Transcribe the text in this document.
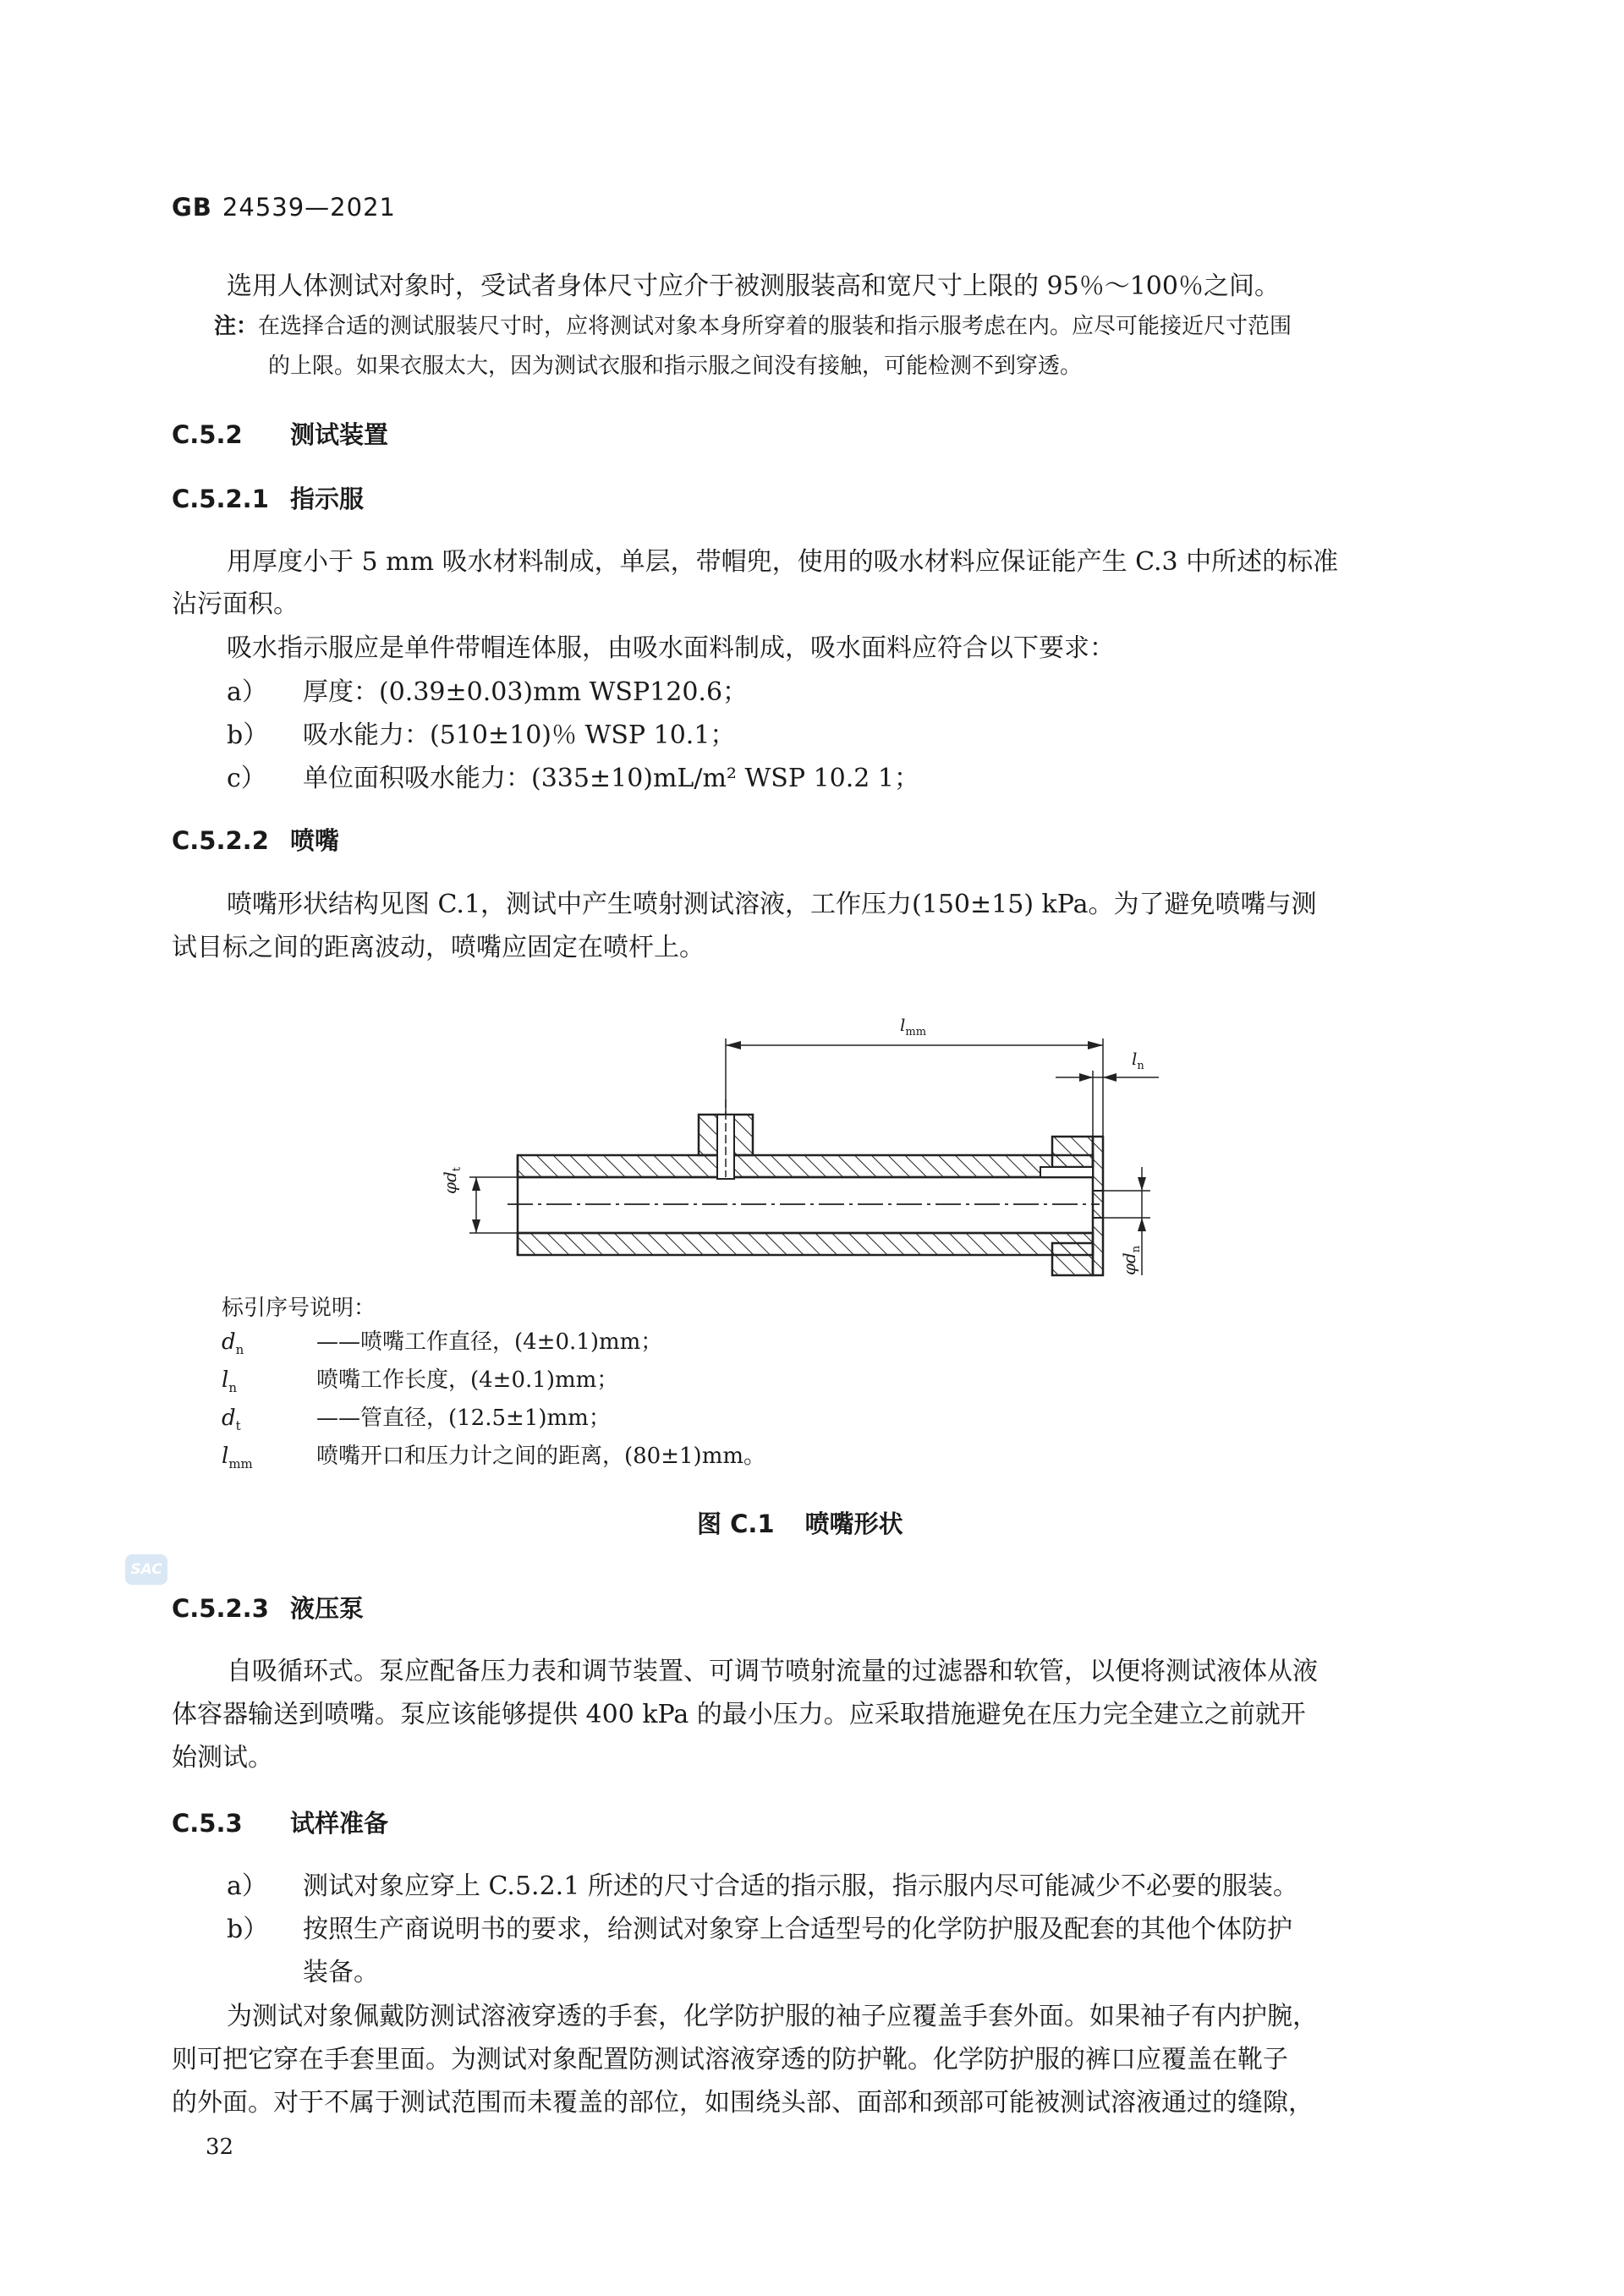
GB 24539—2021
选用人体测试对象时，受试者身体尺寸应介于被测服装高和宽尺寸上限的 95％～100％之间。
注：在选择合适的测试服装尺寸时，应将测试对象本身所穿着的服装和指示服考虑在内。应尽可能接近尺寸范围
的上限。如果衣服太大，因为测试衣服和指示服之间没有接触，可能检测不到穿透。
C.5.2 测试装置
C.5.2.1 指示服
用厚度小于 5 mm 吸水材料制成，单层，带帽兜，使用的吸水材料应保证能产生 C.3 中所述的标准
沾污面积。
吸水指示服应是单件带帽连体服，由吸水面料制成，吸水面料应符合以下要求：
a） 厚度：(0.39±0.03)mm WSP120.6；
b） 吸水能力：(510±10)％ WSP 10.1；
c） 单位面积吸水能力：(335±10)mL/m² WSP 10.2 1；
C.5.2.2 喷嘴
喷嘴形状结构见图 C.1，测试中产生喷射测试溶液，工作压力(150±15) kPa。为了避免喷嘴与测
试目标之间的距离波动，喷嘴应固定在喷杆上。
$l_{mm}$
$l_n$
$\varphi d_t$
$\varphi d_n$
标引序号说明：
$d_n$	——喷嘴工作直径，(4±0.1)mm；
$l_n$	喷嘴工作长度，(4±0.1)mm；
$d_t$	——管直径，(12.5±1)mm；
$l_{mm}$	喷嘴开口和压力计之间的距离，(80±1)mm。
图 C.1 喷嘴形状
SAC
C.5.2.3 液压泵
自吸循环式。泵应配备压力表和调节装置、可调节喷射流量的过滤器和软管，以便将测试液体从液
体容器输送到喷嘴。泵应该能够提供 400 kPa 的最小压力。应采取措施避免在压力完全建立之前就开
始测试。
C.5.3 试样准备
a） 测试对象应穿上 C.5.2.1 所述的尺寸合适的指示服，指示服内尽可能减少不必要的服装。
b） 按照生产商说明书的要求，给测试对象穿上合适型号的化学防护服及配套的其他个体防护
装备。
为测试对象佩戴防测试溶液穿透的手套，化学防护服的袖子应覆盖手套外面。如果袖子有内护腕，
则可把它穿在手套里面。为测试对象配置防测试溶液穿透的防护靴。化学防护服的裤口应覆盖在靴子
的外面。对于不属于测试范围而未覆盖的部位，如围绕头部、面部和颈部可能被测试溶液通过的缝隙，
32
